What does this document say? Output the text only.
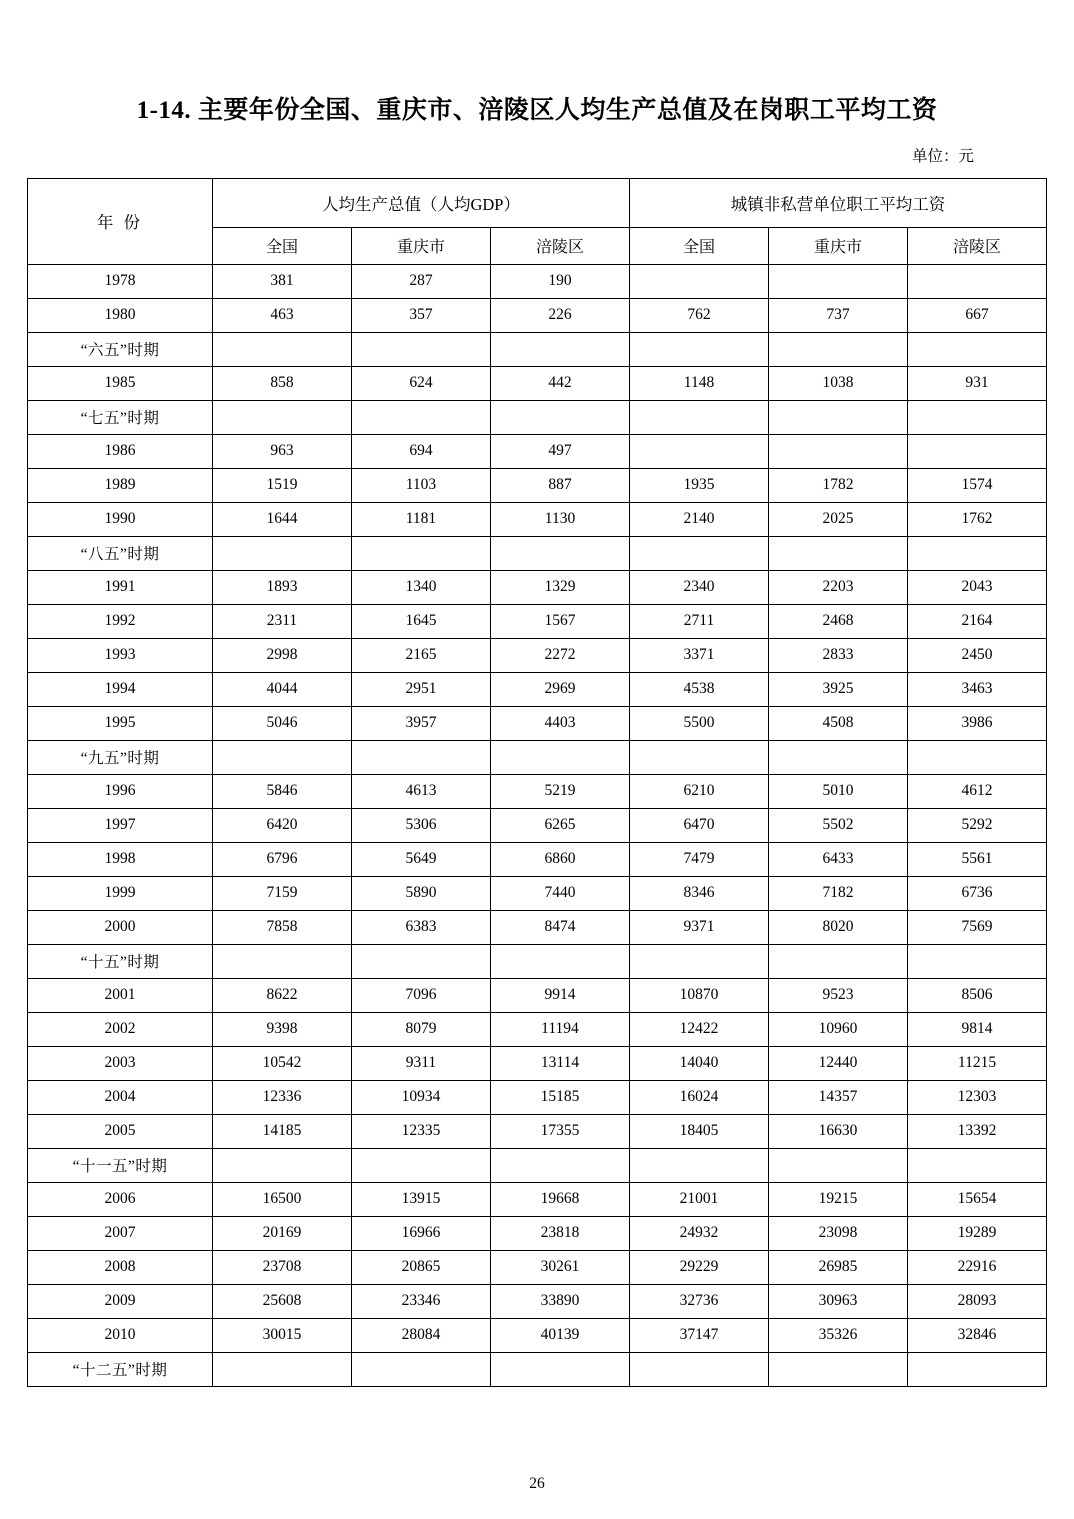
1-14. 主要年份全国、重庆市、涪陵区人均生产总值及在岗职工平均工资
单位：元
年 份	人均生产总值（人均GDP）			城镇非私营单位职工平均工资		
	全国	重庆市	涪陵区	全国	重庆市	涪陵区
1978	381	287	190			
1980	463	357	226	762	737	667
“六五”时期						
1985	858	624	442	1148	1038	931
“七五”时期						
1986	963	694	497			
1989	1519	1103	887	1935	1782	1574
1990	1644	1181	1130	2140	2025	1762
“八五”时期						
1991	1893	1340	1329	2340	2203	2043
1992	2311	1645	1567	2711	2468	2164
1993	2998	2165	2272	3371	2833	2450
1994	4044	2951	2969	4538	3925	3463
1995	5046	3957	4403	5500	4508	3986
“九五”时期						
1996	5846	4613	5219	6210	5010	4612
1997	6420	5306	6265	6470	5502	5292
1998	6796	5649	6860	7479	6433	5561
1999	7159	5890	7440	8346	7182	6736
2000	7858	6383	8474	9371	8020	7569
“十五”时期						
2001	8622	7096	9914	10870	9523	8506
2002	9398	8079	11194	12422	10960	9814
2003	10542	9311	13114	14040	12440	11215
2004	12336	10934	15185	16024	14357	12303
2005	14185	12335	17355	18405	16630	13392
“十一五”时期						
2006	16500	13915	19668	21001	19215	15654
2007	20169	16966	23818	24932	23098	19289
2008	23708	20865	30261	29229	26985	22916
2009	25608	23346	33890	32736	30963	28093
2010	30015	28084	40139	37147	35326	32846
“十二五”时期						
26
